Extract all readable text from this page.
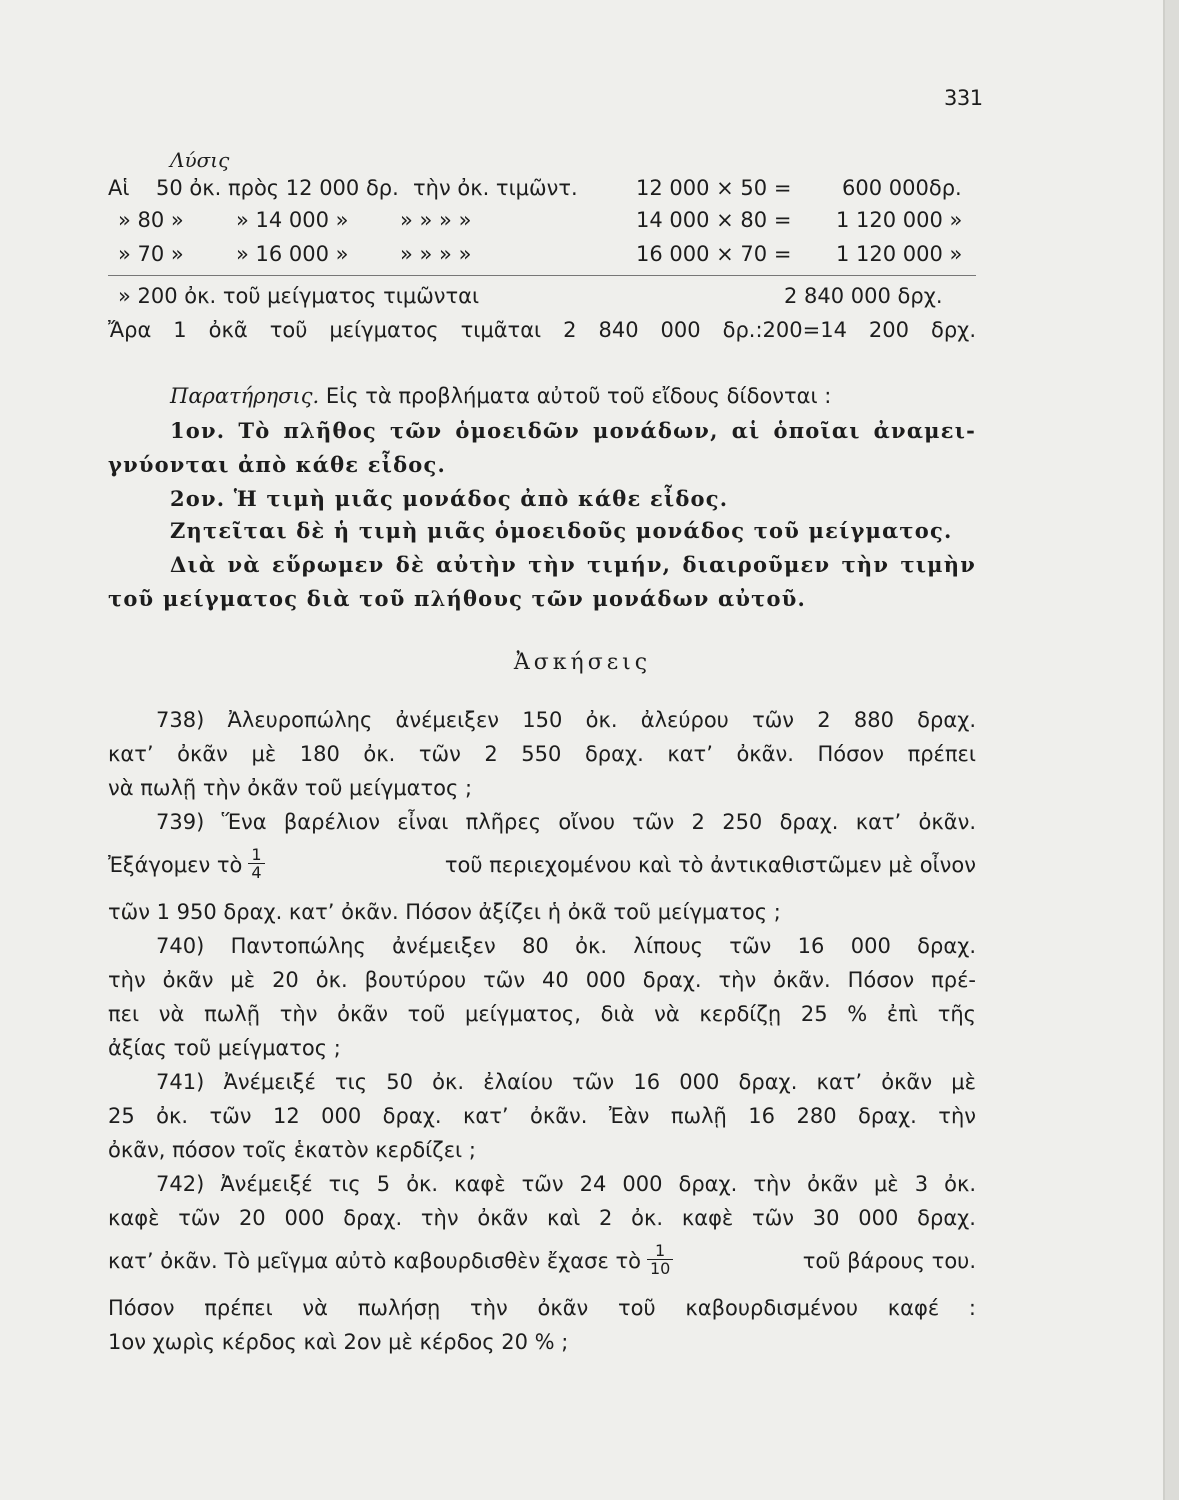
331
Λύσις
Αἱ 50 ὀκ. πρὸς 12 000 δρ. τὴν ὀκ. τιμῶντ.	12 000 × 50 = 600 000δρ.
» 80 » » 14 000 » » » » »	14 000 × 80 = 1 120 000 »
» 70 » » 16 000 » » » » »	16 000 × 70 = 1 120 000 »
» 200 ὀκ. τοῦ μείγματος τιμῶνται	2 840 000 δρχ.
Ἄρα 1 ὀκᾶ τοῦ μείγματος τιμᾶται 2 840 000 δρ.:200=14 200 δρχ.
Παρατήρησις. Εἰς τὰ προβλήματα αὐτοῦ τοῦ εἴδους δίδονται :
1ον. Τὸ πλῆθος τῶν ὁμοειδῶν μονάδων, αἱ ὁποῖαι ἀναμει-
γνύονται ἀπὸ κάθε εἶδος.
2ον. Ἡ τιμὴ μιᾶς μονάδος ἀπὸ κάθε εἶδος.
Ζητεῖται δὲ ἡ τιμὴ μιᾶς ὁμοειδοῦς μονάδος τοῦ μείγματος.
Διὰ νὰ εὕρωμεν δὲ αὐτὴν τὴν τιμήν, διαιροῦμεν τὴν τιμὴν
τοῦ μείγματος διὰ τοῦ πλήθους τῶν μονάδων αὐτοῦ.
Ἀσκήσεις
738) Ἀλευροπώλης ἀνέμειξεν 150 ὀκ. ἀλεύρου τῶν 2 880 δραχ.
κατ’ ὀκᾶν μὲ 180 ὀκ. τῶν 2 550 δραχ. κατ’ ὀκᾶν. Πόσον πρέπει
νὰ πωλῇ τὴν ὀκᾶν τοῦ μείγματος ;
739) Ἕνα βαρέλιον εἶναι πλῆρες οἴνου τῶν 2 250 δραχ. κατ’ ὀκᾶν.
Ἐξάγομεν τὸ $\frac{1}{4}$	τοῦ περιεχομένου καὶ τὸ ἀντικαθιστῶμεν μὲ οἶνον
τῶν 1 950 δραχ. κατ’ ὀκᾶν. Πόσον ἀξίζει ἡ ὀκᾶ τοῦ μείγματος ;
740) Παντοπώλης ἀνέμειξεν 80 ὀκ. λίπους τῶν 16 000 δραχ.
τὴν ὀκᾶν μὲ 20 ὀκ. βουτύρου τῶν 40 000 δραχ. τὴν ὀκᾶν. Πόσον πρέ-
πει νὰ πωλῇ τὴν ὀκᾶν τοῦ μείγματος, διὰ νὰ κερδίζῃ 25 % ἐπὶ τῆς
ἀξίας τοῦ μείγματος ;
741) Ἀνέμειξέ τις 50 ὀκ. ἐλαίου τῶν 16 000 δραχ. κατ’ ὀκᾶν μὲ
25 ὀκ. τῶν 12 000 δραχ. κατ’ ὀκᾶν. Ἐὰν πωλῇ 16 280 δραχ. τὴν
ὀκᾶν, πόσον τοῖς ἑκατὸν κερδίζει ;
742) Ἀνέμειξέ τις 5 ὀκ. καφὲ τῶν 24 000 δραχ. τὴν ὀκᾶν μὲ 3 ὀκ.
καφὲ τῶν 20 000 δραχ. τὴν ὀκᾶν καὶ 2 ὀκ. καφὲ τῶν 30 000 δραχ.
κατ’ ὀκᾶν. Τὸ μεῖγμα αὐτὸ καβουρδισθὲν ἔχασε τὸ $\frac{1}{10}$	τοῦ βάρους του.
Πόσον πρέπει νὰ πωλήσῃ τὴν ὀκᾶν τοῦ καβουρδισμένου καφέ :
1ον χωρὶς κέρδος καὶ 2ον μὲ κέρδος 20 % ;
